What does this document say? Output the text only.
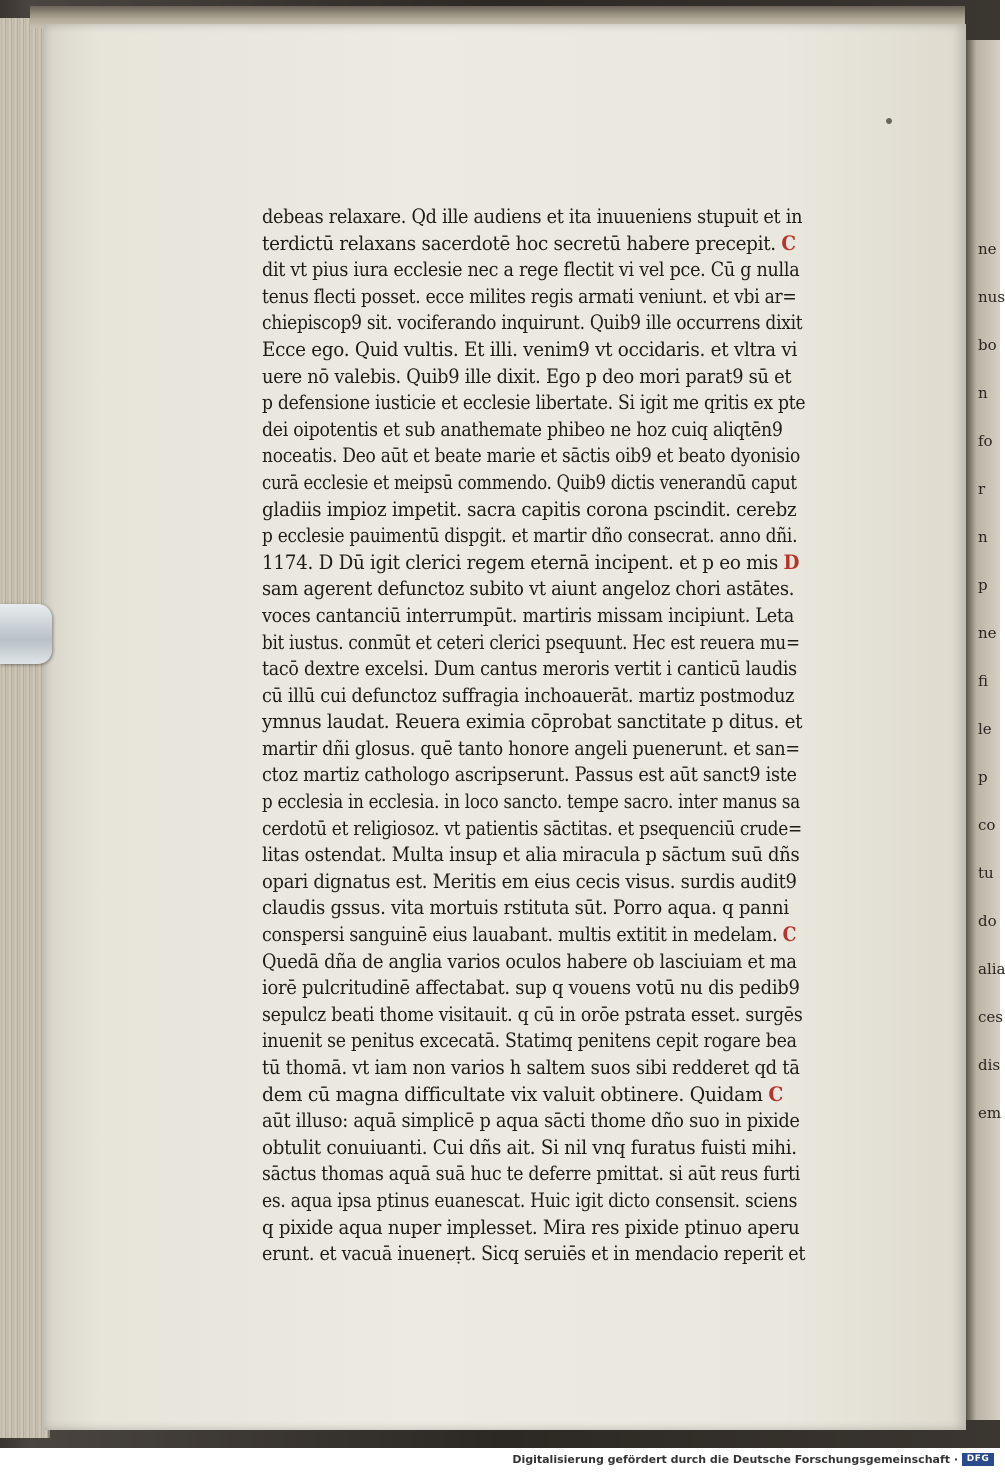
ne
nus
bo
n
fo
r
n
p
ne
fi
le
p
co
tu
do
alia
ces
dis
em
debeas relaxare. Qd ille audiens et ita inuueniens stupuit et in
terdictū relaxans sacerdotē hoc secretū habere precepit. C
dit vt pius iura ecclesie nec a rege flectit vi vel pce. Cū g nulla
tenus flecti posset. ecce milites regis armati veniunt. et vbi ar=
chiepiscop9 sit. vociferando inquirunt. Quib9 ille occurrens dixit
Ecce ego. Quid vultis. Et illi. venim9 vt occidaris. et vltra vi
uere nō valebis. Quib9 ille dixit. Ego p deo mori parat9 sū et
p defensione iusticie et ecclesie libertate. Si igit me qritis ex pte
dei oipotentis et sub anathemate phibeo ne hoz cuiq aliqtēn9
noceatis. Deo aūt et beate marie et sāctis oib9 et beato dyonisio
curā ecclesie et meipsū commendo. Quib9 dictis venerandū caput
gladiis impioz impetit. sacra capitis corona pscindit. cerebz
p ecclesie pauimentū dispgit. et martir dño consecrat. anno dñi.
1174. D Dū igit clerici regem eternā incipent. et p eo mis D
sam agerent defunctoz subito vt aiunt angeloz chori astātes.
voces cantanciū interrumpūt. martiris missam incipiunt. Leta
bit iustus. conmūt et ceteri clerici psequunt. Hec est reuera mu=
tacō dextre excelsi. Dum cantus meroris vertit i canticū laudis
cū illū cui defunctoz suffragia inchoauerāt. martiz postmoduz
ymnus laudat. Reuera eximia cōprobat sanctitate p ditus. et
martir dñi glosus. quē tanto honore angeli puenerunt. et san=
ctoz martiz cathologo ascripserunt. Passus est aūt sanct9 iste
p ecclesia in ecclesia. in loco sancto. tempe sacro. inter manus sa
cerdotū et religiosoz. vt patientis sāctitas. et psequenciū crude=
litas ostendat. Multa insup et alia miracula p sāctum suū dñs
opari dignatus est. Meritis em eius cecis visus. surdis audit9
claudis gssus. vita mortuis rstituta sūt. Porro aqua. q panni
conspersi sanguinē eius lauabant. multis extitit in medelam. C
Quedā dña de anglia varios oculos habere ob lasciuiam et ma
iorē pulcritudinē affectabat. sup q vouens votū nu dis pedib9
sepulcz beati thome visitauit. q cū in orōe pstrata esset. surgēs
inuenit se penitus excecatā. Statimq penitens cepit rogare bea
tū thomā. vt iam non varios h saltem suos sibi redderet qd tā
dem cū magna difficultate vix valuit obtinere. Quidam C
aūt illuso: aquā simplicē p aqua sācti thome dño suo in pixide
obtulit conuiuanti. Cui dñs ait. Si nil vnq furatus fuisti mihi.
sāctus thomas aquā suā huc te deferre pmittat. si aūt reus furti
es. aqua ipsa ptinus euanescat. Huic igit dicto consensit. sciens
q pixide aqua nuper implesset. Mira res pixide ptinuo aperu
erunt. et vacuā inueneṛt. Sicq seruiēs et in mendacio reperit et
Digitalisierung gefördert durch die Deutsche Forschungsgemeinschaft · DFG
